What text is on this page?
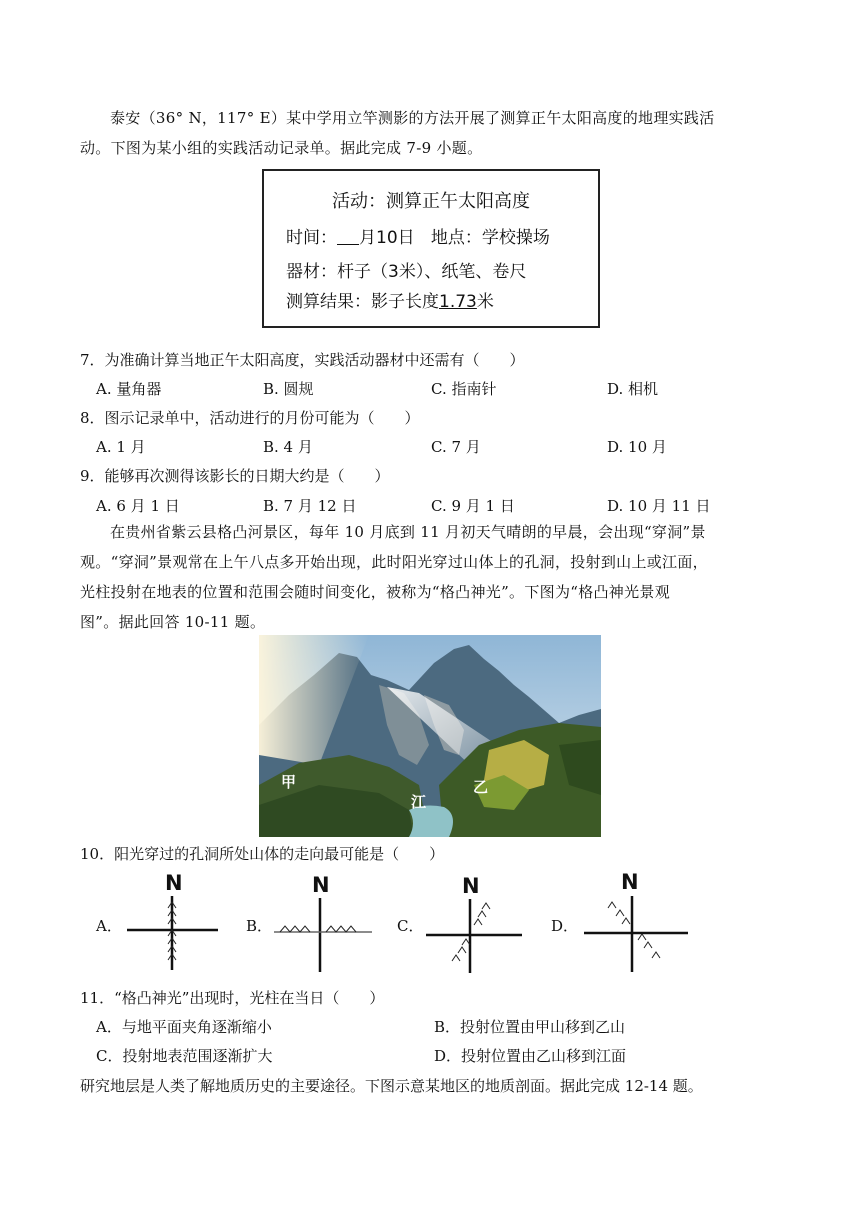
泰安（36° N，117° E）某中学用立竿测影的方法开展了测算正午太阳高度的地理实践活
动。下图为某小组的实践活动记录单。据此完成 7-9 小题。
活动：测算正午太阳高度
时间： 月10日 地点：学校操场
器材：杆子（3米）、纸笔、卷尺
测算结果：影子长度1.73米
7．为准确计算当地正午太阳高度，实践活动器材中还需有（　　）
A. 量角器	B. 圆规	C. 指南针	D. 相机
8．图示记录单中，活动进行的月份可能为（　　）
A. 1 月	B. 4 月	C. 7 月	D. 10 月
9．能够再次测得该影长的日期大约是（　　）
A. 6 月 1 日	B. 7 月 12 日	C. 9 月 1 日	D. 10 月 11 日
在贵州省紫云县格凸河景区，每年 10 月底到 11 月初天气晴朗的早晨，会出现“穿洞”景
观。“穿洞”景观常在上午八点多开始出现，此时阳光穿过山体上的孔洞，投射到山上或江面，
光柱投射在地表的位置和范围会随时间变化，被称为“格凸神光”。下图为“格凸神光景观
图”。据此回答 10-11 题。
甲
江
乙
10．阳光穿过的孔洞所处山体的走向最可能是（　　）
A．
N
B．
N
C．
N
D．
N
11．“格凸神光”出现时，光柱在当日（　　）
A．与地平面夹角逐渐缩小	B．投射位置由甲山移到乙山
C．投射地表范围逐渐扩大	D．投射位置由乙山移到江面
研究地层是人类了解地质历史的主要途径。下图示意某地区的地质剖面。据此完成 12-14 题。
